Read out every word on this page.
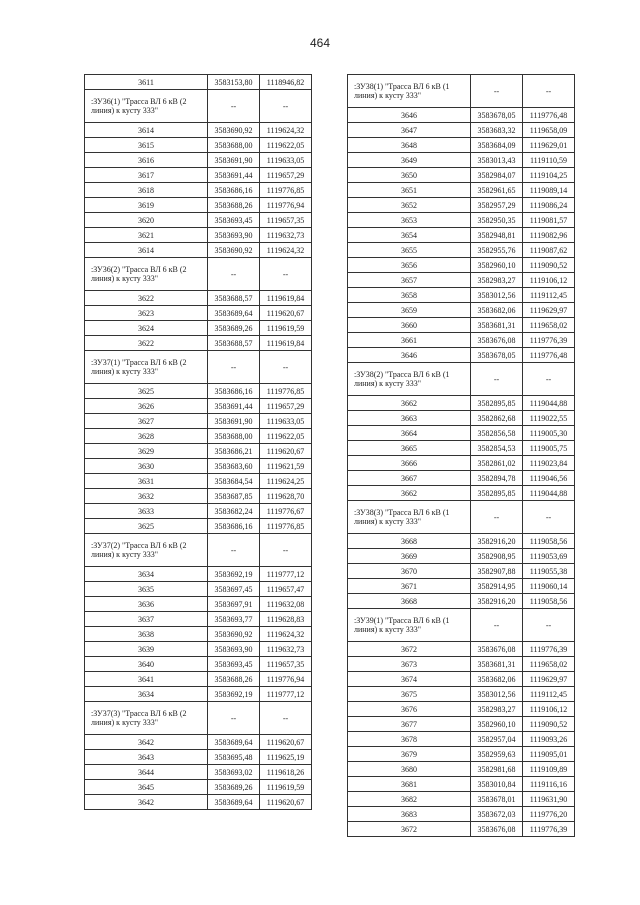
464
3611	3583153,80	1118946,82
:ЗУ36(1) "Трасса ВЛ 6 кВ (2 линия) к кусту 333"	--	--
3614	3583690,92	1119624,32
3615	3583688,00	1119622,05
3616	3583691,90	1119633,05
3617	3583691,44	1119657,29
3618	3583686,16	1119776,85
3619	3583688,26	1119776,94
3620	3583693,45	1119657,35
3621	3583693,90	1119632,73
3614	3583690,92	1119624,32
:ЗУ36(2) "Трасса ВЛ 6 кВ (2 линия) к кусту 333"	--	--
3622	3583688,57	1119619,84
3623	3583689,64	1119620,67
3624	3583689,26	1119619,59
3622	3583688,57	1119619,84
:ЗУ37(1) "Трасса ВЛ 6 кВ (2 линия) к кусту 333"	--	--
3625	3583686,16	1119776,85
3626	3583691,44	1119657,29
3627	3583691,90	1119633,05
3628	3583688,00	1119622,05
3629	3583686,21	1119620,67
3630	3583683,60	1119621,59
3631	3583684,54	1119624,25
3632	3583687,85	1119628,70
3633	3583682,24	1119776,67
3625	3583686,16	1119776,85
:ЗУ37(2) "Трасса ВЛ 6 кВ (2 линия) к кусту 333"	--	--
3634	3583692,19	1119777,12
3635	3583697,45	1119657,47
3636	3583697,91	1119632,08
3637	3583693,77	1119628,83
3638	3583690,92	1119624,32
3639	3583693,90	1119632,73
3640	3583693,45	1119657,35
3641	3583688,26	1119776,94
3634	3583692,19	1119777,12
:ЗУ37(3) "Трасса ВЛ 6 кВ (2 линия) к кусту 333"	--	--
3642	3583689,64	1119620,67
3643	3583695,48	1119625,19
3644	3583693,02	1119618,26
3645	3583689,26	1119619,59
3642	3583689,64	1119620,67
:ЗУ38(1) "Трасса ВЛ 6 кВ (1 линия) к кусту 333"	--	--
3646	3583678,05	1119776,48
3647	3583683,32	1119658,09
3648	3583684,09	1119629,01
3649	3583013,43	1119110,59
3650	3582984,07	1119104,25
3651	3582961,65	1119089,14
3652	3582957,29	1119086,24
3653	3582950,35	1119081,57
3654	3582948,81	1119082,96
3655	3582955,76	1119087,62
3656	3582960,10	1119090,52
3657	3582983,27	1119106,12
3658	3583012,56	1119112,45
3659	3583682,06	1119629,97
3660	3583681,31	1119658,02
3661	3583676,08	1119776,39
3646	3583678,05	1119776,48
:ЗУ38(2) "Трасса ВЛ 6 кВ (1 линия) к кусту 333"	--	--
3662	3582895,85	1119044,88
3663	3582862,68	1119022,55
3664	3582856,58	1119005,30
3665	3582854,53	1119005,75
3666	3582861,02	1119023,84
3667	3582894,78	1119046,56
3662	3582895,85	1119044,88
:ЗУ38(3) "Трасса ВЛ 6 кВ (1 линия) к кусту 333"	--	--
3668	3582916,20	1119058,56
3669	3582908,95	1119053,69
3670	3582907,88	1119055,38
3671	3582914,95	1119060,14
3668	3582916,20	1119058,56
:ЗУ39(1) "Трасса ВЛ 6 кВ (1 линия) к кусту 333"	--	--
3672	3583676,08	1119776,39
3673	3583681,31	1119658,02
3674	3583682,06	1119629,97
3675	3583012,56	1119112,45
3676	3582983,27	1119106,12
3677	3582960,10	1119090,52
3678	3582957,04	1119093,26
3679	3582959,63	1119095,01
3680	3582981,68	1119109,89
3681	3583010,84	1119116,16
3682	3583678,01	1119631,90
3683	3583672,03	1119776,20
3672	3583676,08	1119776,39
